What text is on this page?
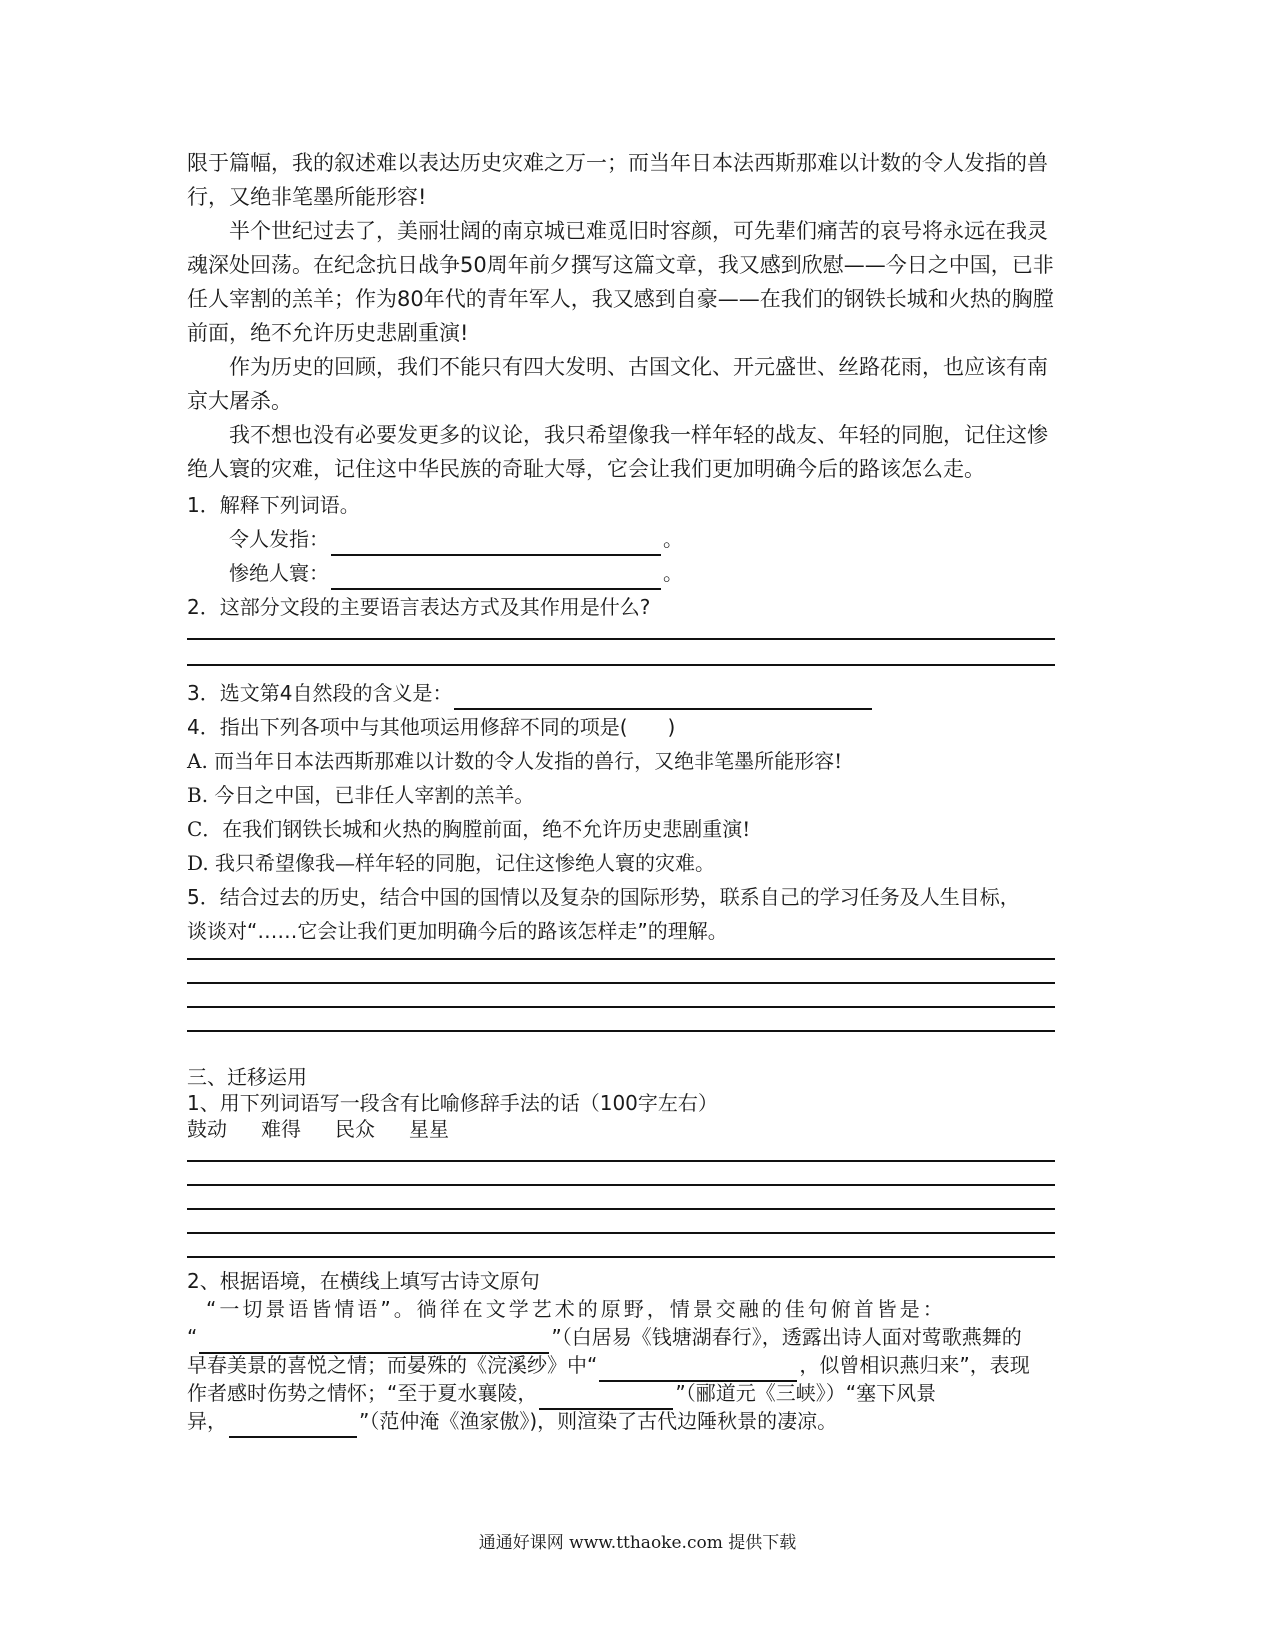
限于篇幅，我的叙述难以表达历史灾难之万一；而当年日本法西斯那难以计数的令人发指的兽
行，又绝非笔墨所能形容!
半个世纪过去了，美丽壮阔的南京城已难觅旧时容颜，可先辈们痛苦的哀号将永远在我灵
魂深处回荡。在纪念抗日战争50周年前夕撰写这篇文章，我又感到欣慰——今日之中国，已非
任人宰割的羔羊；作为80年代的青年军人，我又感到自豪——在我们的钢铁长城和火热的胸膛
前面，绝不允许历史悲剧重演!
作为历史的回顾，我们不能只有四大发明、古国文化、开元盛世、丝路花雨，也应该有南
京大屠杀。
我不想也没有必要发更多的议论，我只希望像我一样年轻的战友、年轻的同胞，记住这惨
绝人寰的灾难，记住这中华民族的奇耻大辱，它会让我们更加明确今后的路该怎么走。
1．解释下列词语。
令人发指：	。
惨绝人寰：	。
2．这部分文段的主要语言表达方式及其作用是什么?
3．选文第4自然段的含义是：
4．指出下列各项中与其他项运用修辞不同的项是(　　)
A. 而当年日本法西斯那难以计数的令人发指的兽行，又绝非笔墨所能形容!
B. 今日之中国，已非任人宰割的羔羊。
C．在我们钢铁长城和火热的胸膛前面，绝不允许历史悲剧重演!
D. 我只希望像我—样年轻的同胞，记住这惨绝人寰的灾难。
5．结合过去的历史，结合中国的国情以及复杂的国际形势，联系自己的学习任务及人生目标，
谈谈对“……它会让我们更加明确今后的路该怎样走”的理解。
三、迁移运用
1、用下列词语写一段含有比喻修辞手法的话（100字左右）
鼓动 难得 民众 星星
2、根据语境，在横线上填写古诗文原句
“一切景语皆情语”。徜徉在文学艺术的原野，情景交融的佳句俯首皆是：
“	”（白居易《钱塘湖春行》，透露出诗人面对莺歌燕舞的
早春美景的喜悦之情；而晏殊的《浣溪纱》中“	，似曾相识燕归来”，表现
作者感时伤势之情怀；“至于夏水襄陵，	”（郦道元《三峡》）“塞下风景
异，	”（范仲淹《渔家傲》)，则渲染了古代边陲秋景的凄凉。
通通好课网 www.tthaoke.com 提供下载
